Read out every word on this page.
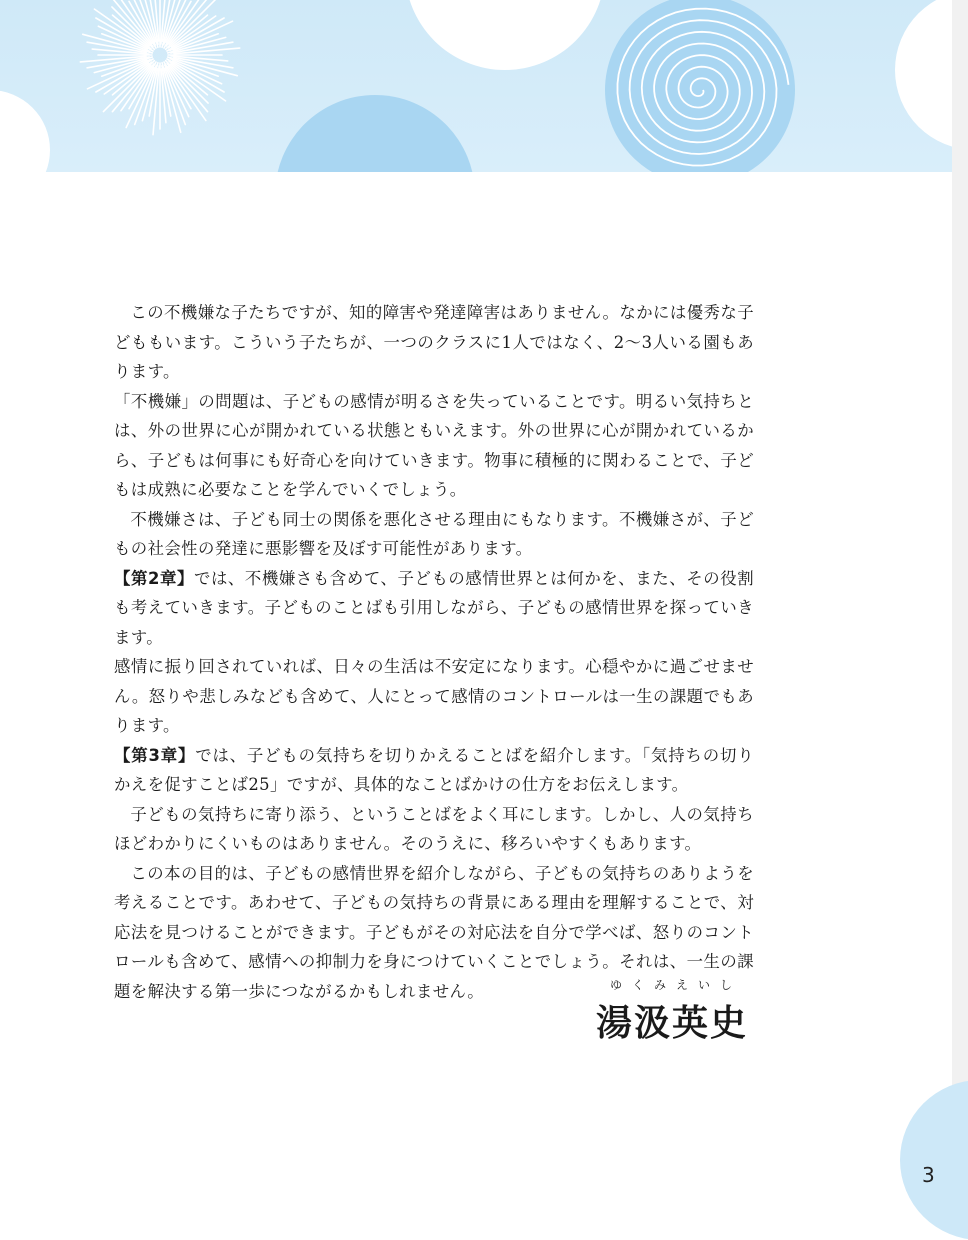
この不機嫌な子たちですが、知的障害や発達障害はありません。なかには優秀な子どももいます。こういう子たちが、一つのクラスに1人ではなく、2〜3人いる園もあります。

「不機嫌」の問題は、子どもの感情が明るさを失っていることです。明るい気持ちとは、外の世界に心が開かれている状態ともいえます。外の世界に心が開かれているから、子どもは何事にも好奇心を向けていきます。物事に積極的に関わることで、子どもは成熟に必要なことを学んでいくでしょう。

不機嫌さは、子ども同士の関係を悪化させる理由にもなります。不機嫌さが、子どもの社会性の発達に悪影響を及ぼす可能性があります。

【第2章】では、不機嫌さも含めて、子どもの感情世界とは何かを、また、その役割も考えていきます。子どものことばも引用しながら、子どもの感情世界を探っていきます。

感情に振り回されていれば、日々の生活は不安定になります。心穏やかに過ごせません。怒りや悲しみなども含めて、人にとって感情のコントロールは一生の課題でもあります。

【第3章】では、子どもの気持ちを切りかえることばを紹介します。「気持ちの切りかえを促すことば25」ですが、具体的なことばかけの仕方をお伝えします。

子どもの気持ちに寄り添う、ということばをよく耳にします。しかし、人の気持ちほどわかりにくいものはありません。そのうえに、移ろいやすくもあります。

この本の目的は、子どもの感情世界を紹介しながら、子どもの気持ちのありようを考えることです。あわせて、子どもの気持ちの背景にある理由を理解することで、対応法を見つけることができます。子どもがその対応法を自分で学べば、怒りのコントロールも含めて、感情への抑制力を身につけていくことでしょう。それは、一生の課題を解決する第一歩につながるかもしれません。	ゆくみえいし
湯汲英史
3
